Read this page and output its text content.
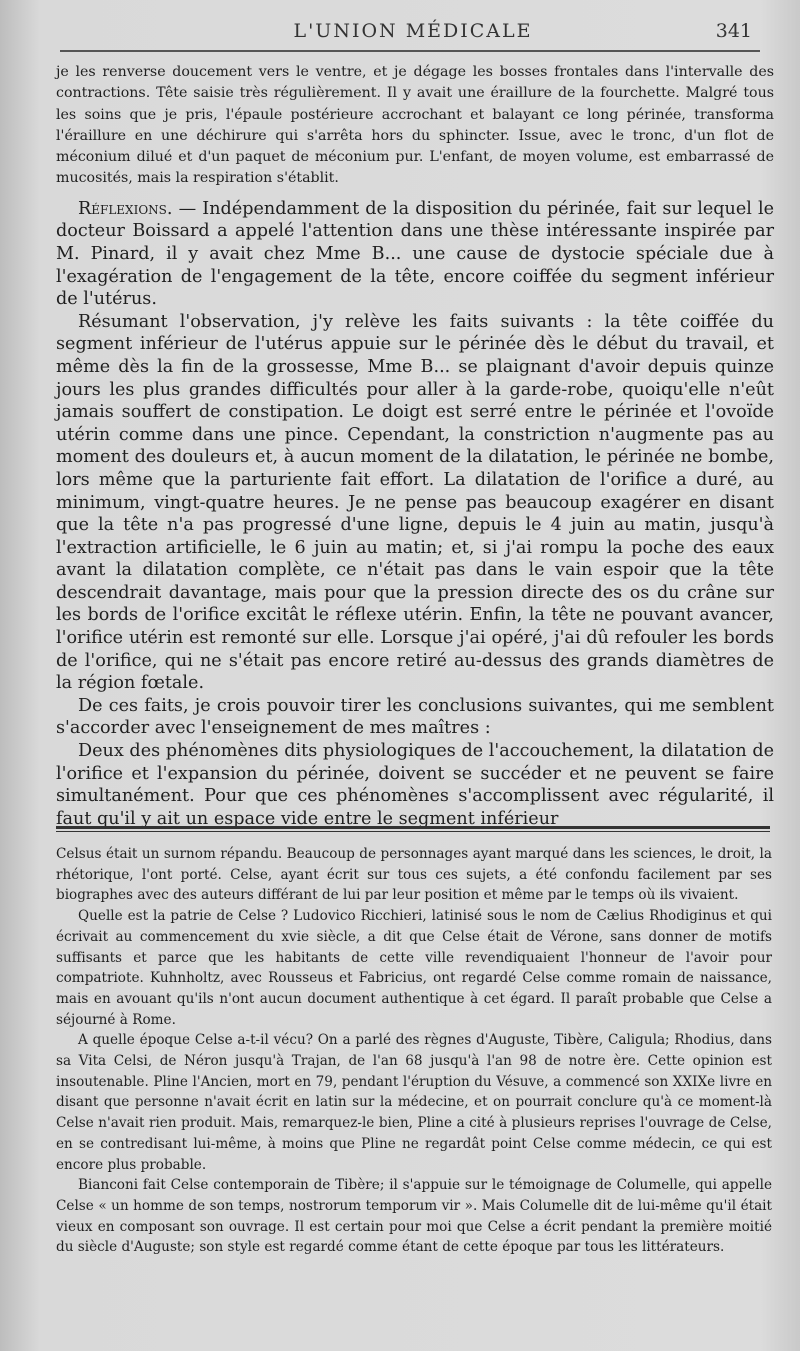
L'UNION MÉDICALE	341

je les renverse doucement vers le ventre, et je dégage les bosses frontales dans l'intervalle des contractions. Tête saisie très régulièrement. Il y avait une éraillure de la fourchette. Malgré tous les soins que je pris, l'épaule postérieure accrochant et balayant ce long périnée, transforma l'éraillure en une déchirure qui s'arrêta hors du sphincter. Issue, avec le tronc, d'un flot de méconium dilué et d'un paquet de méconium pur. L'enfant, de moyen volume, est embarrassé de mucosités, mais la respiration s'établit.

Réflexions. — Indépendamment de la disposition du périnée, fait sur lequel le docteur Boissard a appelé l'attention dans une thèse intéressante inspirée par M. Pinard, il y avait chez Mme B... une cause de dystocie spéciale due à l'exagération de l'engagement de la tête, encore coiffée du segment inférieur de l'utérus.

Résumant l'observation, j'y relève les faits suivants : la tête coiffée du segment inférieur de l'utérus appuie sur le périnée dès le début du travail, et même dès la fin de la grossesse, Mme B... se plaignant d'avoir depuis quinze jours les plus grandes difficultés pour aller à la garde-robe, quoiqu'elle n'eût jamais souffert de constipation. Le doigt est serré entre le périnée et l'ovoïde utérin comme dans une pince. Cependant, la constriction n'augmente pas au moment des douleurs et, à aucun moment de la dilatation, le périnée ne bombe, lors même que la parturiente fait effort. La dilatation de l'orifice a duré, au minimum, vingt-quatre heures. Je ne pense pas beaucoup exagérer en disant que la tête n'a pas progressé d'une ligne, depuis le 4 juin au matin, jusqu'à l'extraction artificielle, le 6 juin au matin; et, si j'ai rompu la poche des eaux avant la dilatation complète, ce n'était pas dans le vain espoir que la tête descendrait davantage, mais pour que la pression directe des os du crâne sur les bords de l'orifice excitât le réflexe utérin. Enfin, la tête ne pouvant avancer, l'orifice utérin est remonté sur elle. Lorsque j'ai opéré, j'ai dû refouler les bords de l'orifice, qui ne s'était pas encore retiré au-dessus des grands diamètres de la région fœtale.

De ces faits, je crois pouvoir tirer les conclusions suivantes, qui me semblent s'accorder avec l'enseignement de mes maîtres :

Deux des phénomènes dits physiologiques de l'accouchement, la dilatation de l'orifice et l'expansion du périnée, doivent se succéder et ne peuvent se faire simultanément. Pour que ces phénomènes s'accomplissent avec régularité, il faut qu'il y ait un espace vide entre le segment inférieur

Celsus était un surnom répandu. Beaucoup de personnages ayant marqué dans les sciences, le droit, la rhétorique, l'ont porté. Celse, ayant écrit sur tous ces sujets, a été confondu facilement par ses biographes avec des auteurs différant de lui par leur position et même par le temps où ils vivaient.

Quelle est la patrie de Celse ? Ludovico Ricchieri, latinisé sous le nom de Cælius Rhodiginus et qui écrivait au commencement du xvie siècle, a dit que Celse était de Vérone, sans donner de motifs suffisants et parce que les habitants de cette ville revendiquaient l'honneur de l'avoir pour compatriote. Kuhnholtz, avec Rousseus et Fabricius, ont regardé Celse comme romain de naissance, mais en avouant qu'ils n'ont aucun document authentique à cet égard. Il paraît probable que Celse a séjourné à Rome.

A quelle époque Celse a-t-il vécu? On a parlé des règnes d'Auguste, Tibère, Caligula; Rhodius, dans sa Vita Celsi, de Néron jusqu'à Trajan, de l'an 68 jusqu'à l'an 98 de notre ère. Cette opinion est insoutenable. Pline l'Ancien, mort en 79, pendant l'éruption du Vésuve, a commencé son XXIXe livre en disant que personne n'avait écrit en latin sur la médecine, et on pourrait conclure qu'à ce moment-là Celse n'avait rien produit. Mais, remarquez-le bien, Pline a cité à plusieurs reprises l'ouvrage de Celse, en se contredisant lui-même, à moins que Pline ne regardât point Celse comme médecin, ce qui est encore plus probable.

Bianconi fait Celse contemporain de Tibère; il s'appuie sur le témoignage de Columelle, qui appelle Celse « un homme de son temps, nostrorum temporum vir ». Mais Columelle dit de lui-même qu'il était vieux en composant son ouvrage. Il est certain pour moi que Celse a écrit pendant la première moitié du siècle d'Auguste; son style est regardé comme étant de cette époque par tous les littérateurs.
